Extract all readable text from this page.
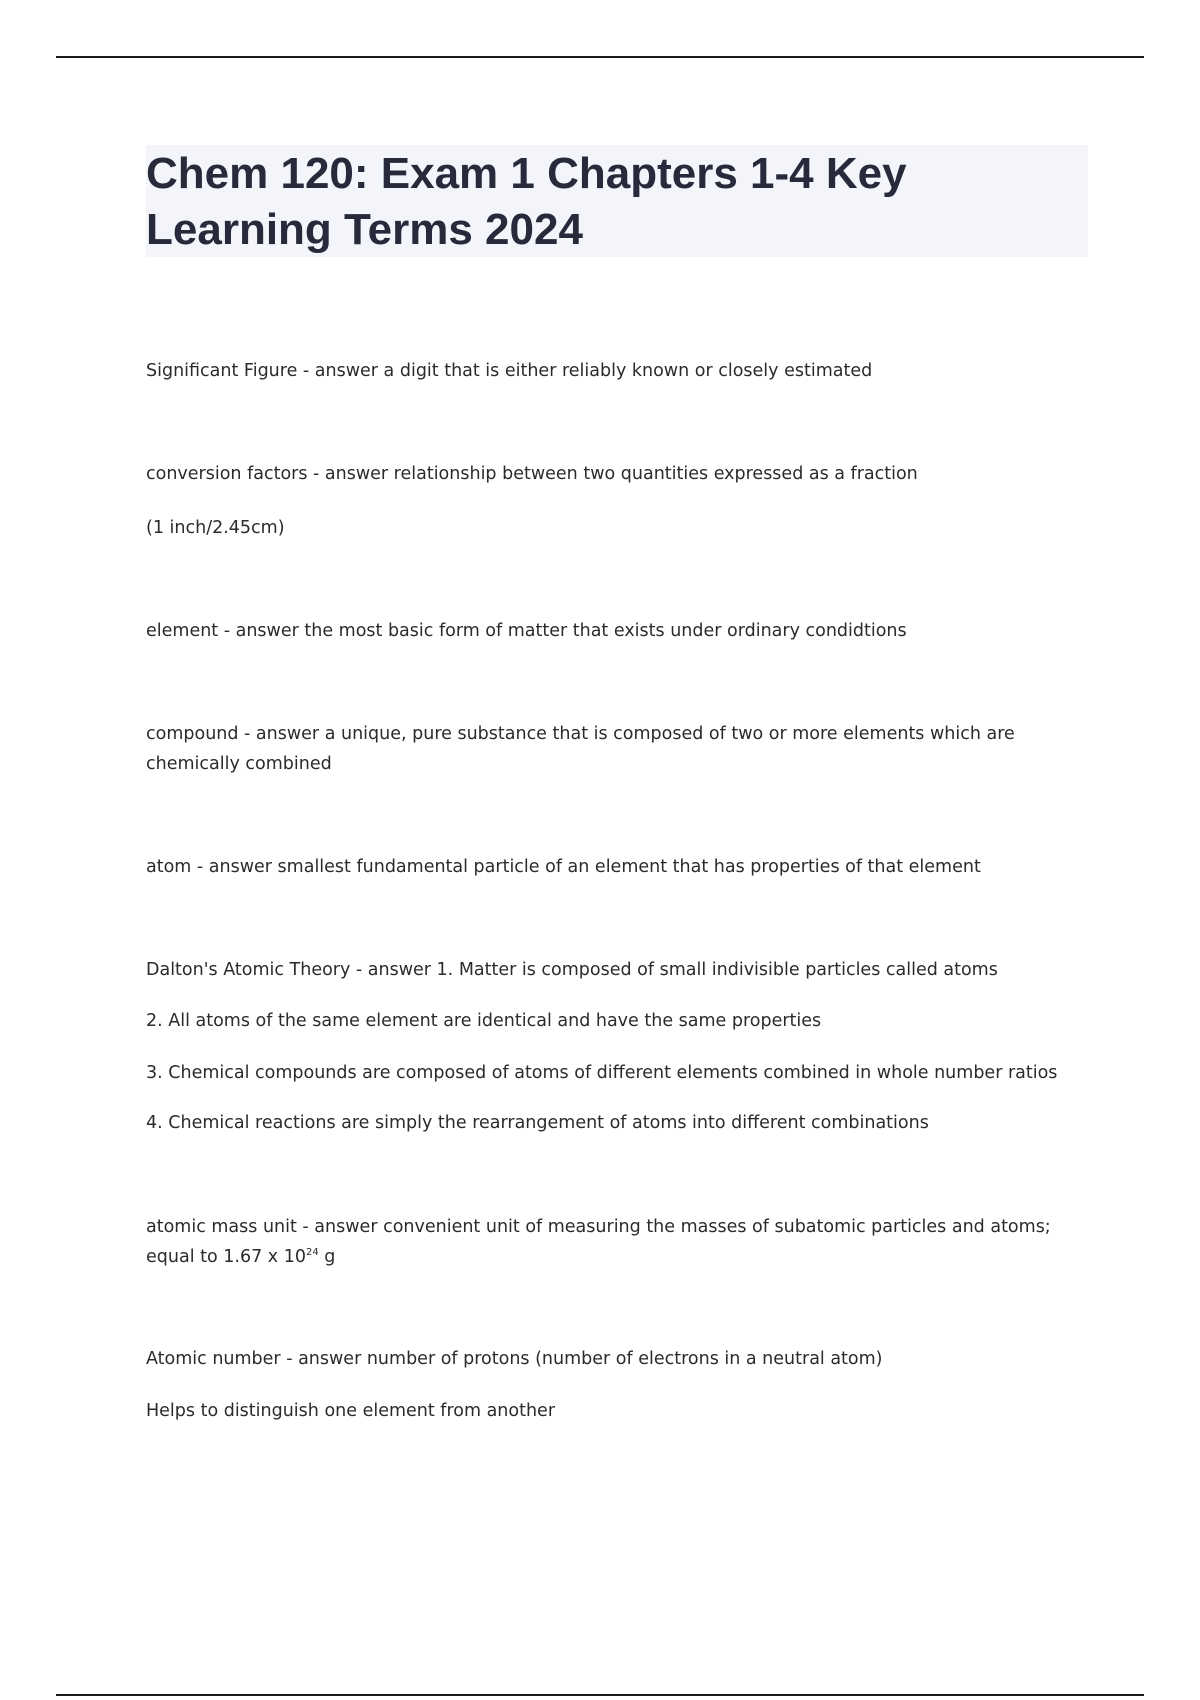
Chem 120: Exam 1 Chapters 1-4 Key Learning Terms 2024
Significant Figure - answer a digit that is either reliably known or closely estimated
conversion factors - answer relationship between two quantities expressed as a fraction
(1 inch/2.45cm)
element - answer the most basic form of matter that exists under ordinary condidtions
compound - answer a unique, pure substance that is composed of two or more elements which are
chemically combined
atom - answer smallest fundamental particle of an element that has properties of that element
Dalton's Atomic Theory - answer 1. Matter is composed of small indivisible particles called atoms
2. All atoms of the same element are identical and have the same properties
3. Chemical compounds are composed of atoms of different elements combined in whole number ratios
4. Chemical reactions are simply the rearrangement of atoms into different combinations
atomic mass unit - answer convenient unit of measuring the masses of subatomic particles and atoms;
equal to 1.67 x $10^{24}$ g
Atomic number - answer number of protons (number of electrons in a neutral atom)
Helps to distinguish one element from another
